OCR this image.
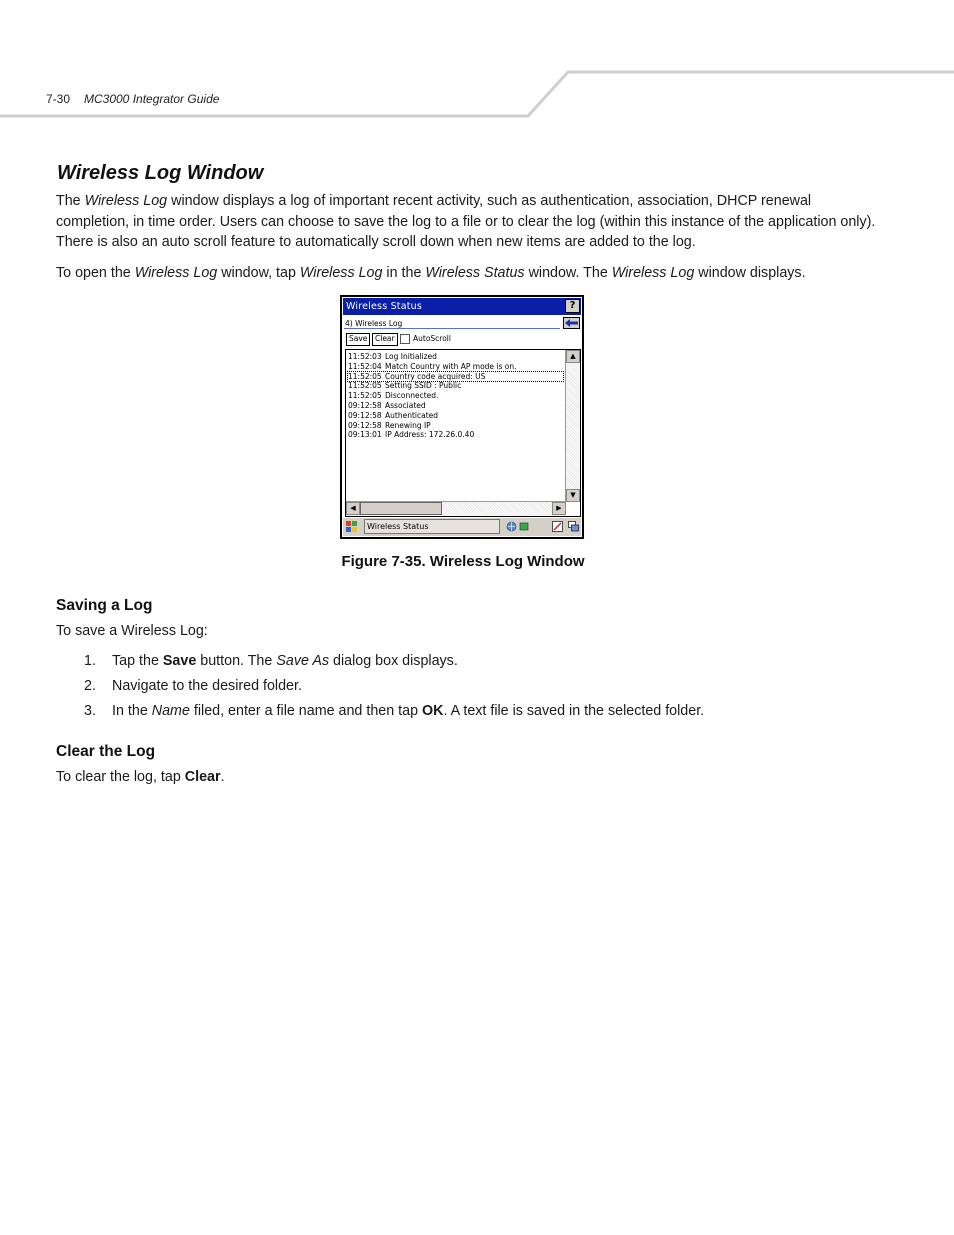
7-30 MC3000 Integrator Guide
Wireless Log Window

The Wireless Log window displays a log of important recent activity, such as authentication, association, DHCP renewal completion, in time order. Users can choose to save the log to a file or to clear the log (within this instance of the application only). There is also an auto scroll feature to automatically scroll down when new items are added to the log.

To open the Wireless Log window, tap Wireless Log in the Wireless Status window. The Wireless Log window displays.

Wireless Status	?
4) Wireless Log
Save	Clear	AutoScroll
11:52:03 Log Initialized
11:52:04 Match Country with AP mode is on.
11:52:05 Country code acquired: US
11:52:05 Setting SSID : Public
11:52:05 Disconnected.
09:12:58 Associated
09:12:58 Authenticated
09:12:58 Renewing IP
09:13:01 IP Address: 172.26.0.40
▲
▼
◀	▶
Wireless Status

Figure 7-35. Wireless Log Window

Saving a Log

To save a Wireless Log:

1. Tap the Save button. The Save As dialog box displays.
2. Navigate to the desired folder.
3. In the Name filed, enter a file name and then tap OK. A text file is saved in the selected folder.
Clear the Log

To clear the log, tap Clear.
